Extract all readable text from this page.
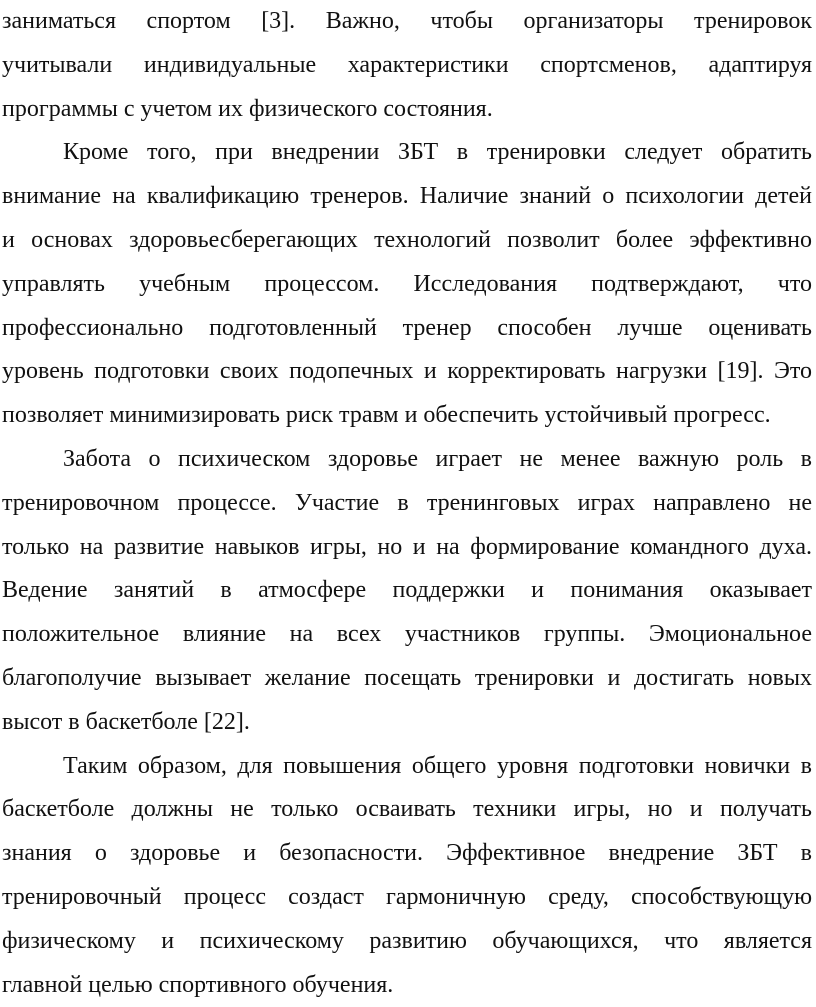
заниматься спортом [3]. Важно, чтобы организаторы тренировок
учитывали индивидуальные характеристики спортсменов, адаптируя
программы с учетом их физического состояния.
Кроме того, при внедрении ЗБТ в тренировки следует обратить
внимание на квалификацию тренеров. Наличие знаний о психологии детей
и основах здоровьесберегающих технологий позволит более эффективно
управлять учебным процессом. Исследования подтверждают, что
профессионально подготовленный тренер способен лучше оценивать
уровень подготовки своих подопечных и корректировать нагрузки [19]. Это
позволяет минимизировать риск травм и обеспечить устойчивый прогресс.
Забота о психическом здоровье играет не менее важную роль в
тренировочном процессе. Участие в тренинговых играх направлено не
только на развитие навыков игры, но и на формирование командного духа.
Ведение занятий в атмосфере поддержки и понимания оказывает
положительное влияние на всех участников группы. Эмоциональное
благополучие вызывает желание посещать тренировки и достигать новых
высот в баскетболе [22].
Таким образом, для повышения общего уровня подготовки новички в
баскетболе должны не только осваивать техники игры, но и получать
знания о здоровье и безопасности. Эффективное внедрение ЗБТ в
тренировочный процесс создаст гармоничную среду, способствующую
физическому и психическому развитию обучающихся, что является
главной целью спортивного обучения.
